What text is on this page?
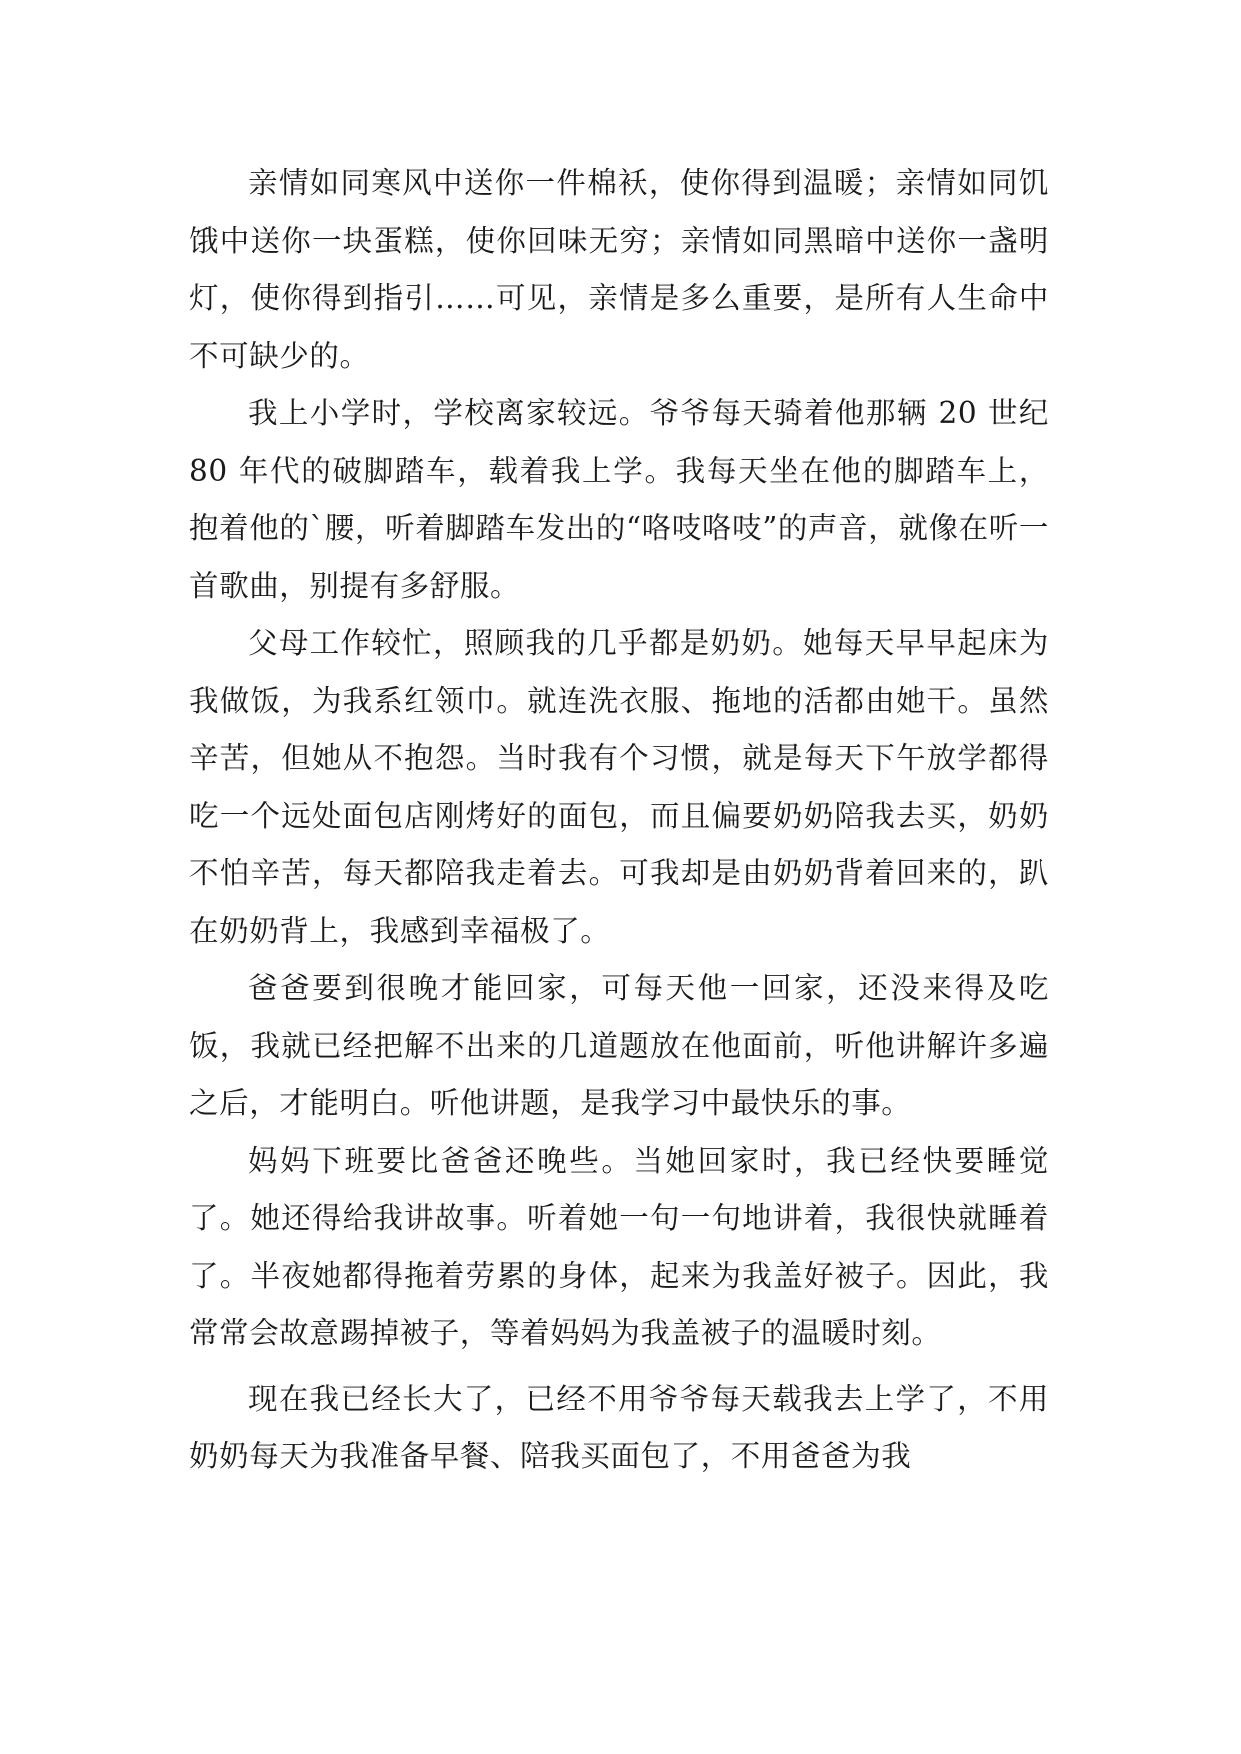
亲情如同寒风中送你一件棉袄，使你得到温暖；亲情如同饥饿中送你一块蛋糕，使你回味无穷；亲情如同黑暗中送你一盏明灯，使你得到指引……可见，亲情是多么重要，是所有人生命中不可缺少的。

我上小学时，学校离家较远。爷爷每天骑着他那辆 20 世纪 80 年代的破脚踏车，载着我上学。我每天坐在他的脚踏车上，抱着他的`腰，听着脚踏车发出的“咯吱咯吱”的声音，就像在听一首歌曲，别提有多舒服。

父母工作较忙，照顾我的几乎都是奶奶。她每天早早起床为我做饭，为我系红领巾。就连洗衣服、拖地的活都由她干。虽然辛苦，但她从不抱怨。当时我有个习惯，就是每天下午放学都得吃一个远处面包店刚烤好的面包，而且偏要奶奶陪我去买，奶奶不怕辛苦，每天都陪我走着去。可我却是由奶奶背着回来的，趴在奶奶背上，我感到幸福极了。

爸爸要到很晚才能回家，可每天他一回家，还没来得及吃饭，我就已经把解不出来的几道题放在他面前，听他讲解许多遍之后，才能明白。听他讲题，是我学习中最快乐的事。

妈妈下班要比爸爸还晚些。当她回家时，我已经快要睡觉了。她还得给我讲故事。听着她一句一句地讲着，我很快就睡着了。半夜她都得拖着劳累的身体，起来为我盖好被子。因此，我常常会故意踢掉被子，等着妈妈为我盖被子的温暖时刻。

现在我已经长大了，已经不用爷爷每天载我去上学了，不用奶奶每天为我准备早餐、陪我买面包了，不用爸爸为我
